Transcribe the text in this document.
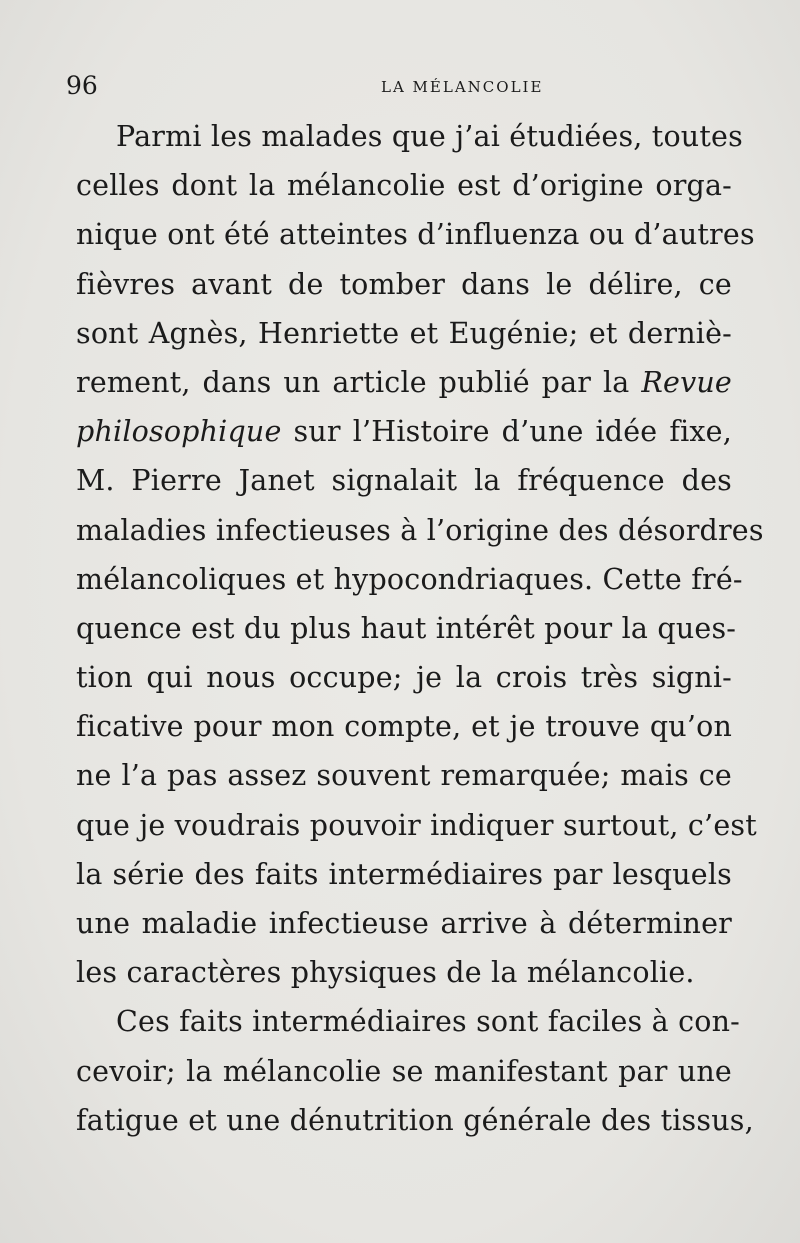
96	LA MÉLANCOLIE
Parmi les malades que j’ai étudiées, toutes
celles dont la mélancolie est d’origine orga-
nique ont été atteintes d’influenza ou d’autres
fièvres avant de tomber dans le délire, ce
sont Agnès, Henriette et Eugénie; et derniè-
rement, dans un article publié par la Revue
philosophique sur l’Histoire d’une idée fixe,
M. Pierre Janet signalait la fréquence des
maladies infectieuses à l’origine des désordres
mélancoliques et hypocondriaques. Cette fré-
quence est du plus haut intérêt pour la ques-
tion qui nous occupe; je la crois très signi-
ficative pour mon compte, et je trouve qu’on
ne l’a pas assez souvent remarquée; mais ce
que je voudrais pouvoir indiquer surtout, c’est
la série des faits intermédiaires par lesquels
une maladie infectieuse arrive à déterminer
les caractères physiques de la mélancolie.
Ces faits intermédiaires sont faciles à con-
cevoir; la mélancolie se manifestant par une
fatigue et une dénutrition générale des tissus,
